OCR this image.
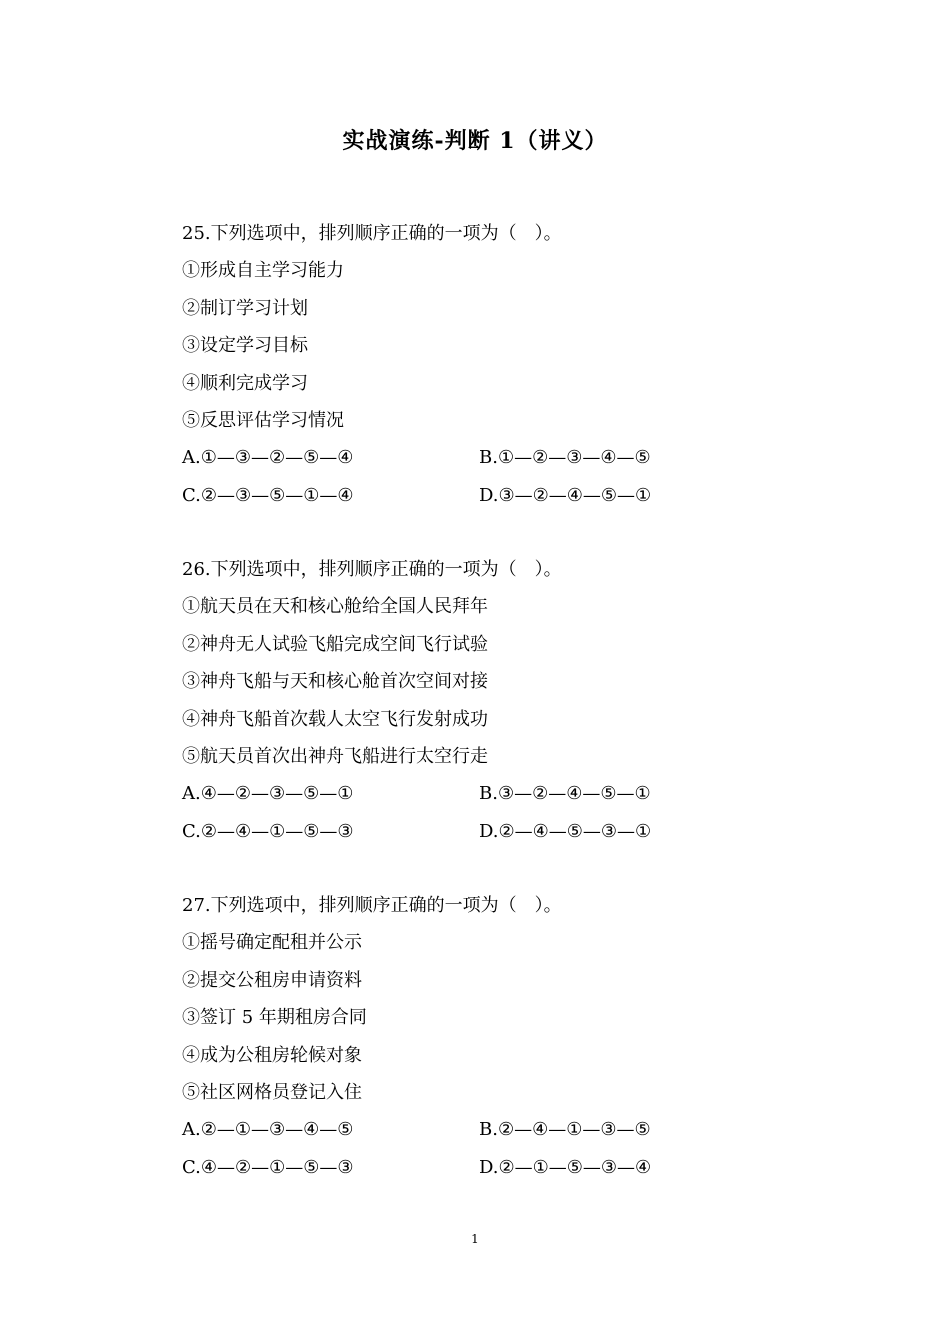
实战演练-判断 1（讲义）
25.下列选项中，排列顺序正确的一项为（　）。
①形成自主学习能力
②制订学习计划
③设定学习目标
④顺利完成学习
⑤反思评估学习情况
A.①—③—②—⑤—④	B.①—②—③—④—⑤
C.②—③—⑤—①—④	D.③—②—④—⑤—①
26.下列选项中，排列顺序正确的一项为（　）。
①航天员在天和核心舱给全国人民拜年
②神舟无人试验飞船完成空间飞行试验
③神舟飞船与天和核心舱首次空间对接
④神舟飞船首次载人太空飞行发射成功
⑤航天员首次出神舟飞船进行太空行走
A.④—②—③—⑤—①	B.③—②—④—⑤—①
C.②—④—①—⑤—③	D.②—④—⑤—③—①
27.下列选项中，排列顺序正确的一项为（　）。
①摇号确定配租并公示
②提交公租房申请资料
③签订 5 年期租房合同
④成为公租房轮候对象
⑤社区网格员登记入住
A.②—①—③—④—⑤	B.②—④—①—③—⑤
C.④—②—①—⑤—③	D.②—①—⑤—③—④
1
